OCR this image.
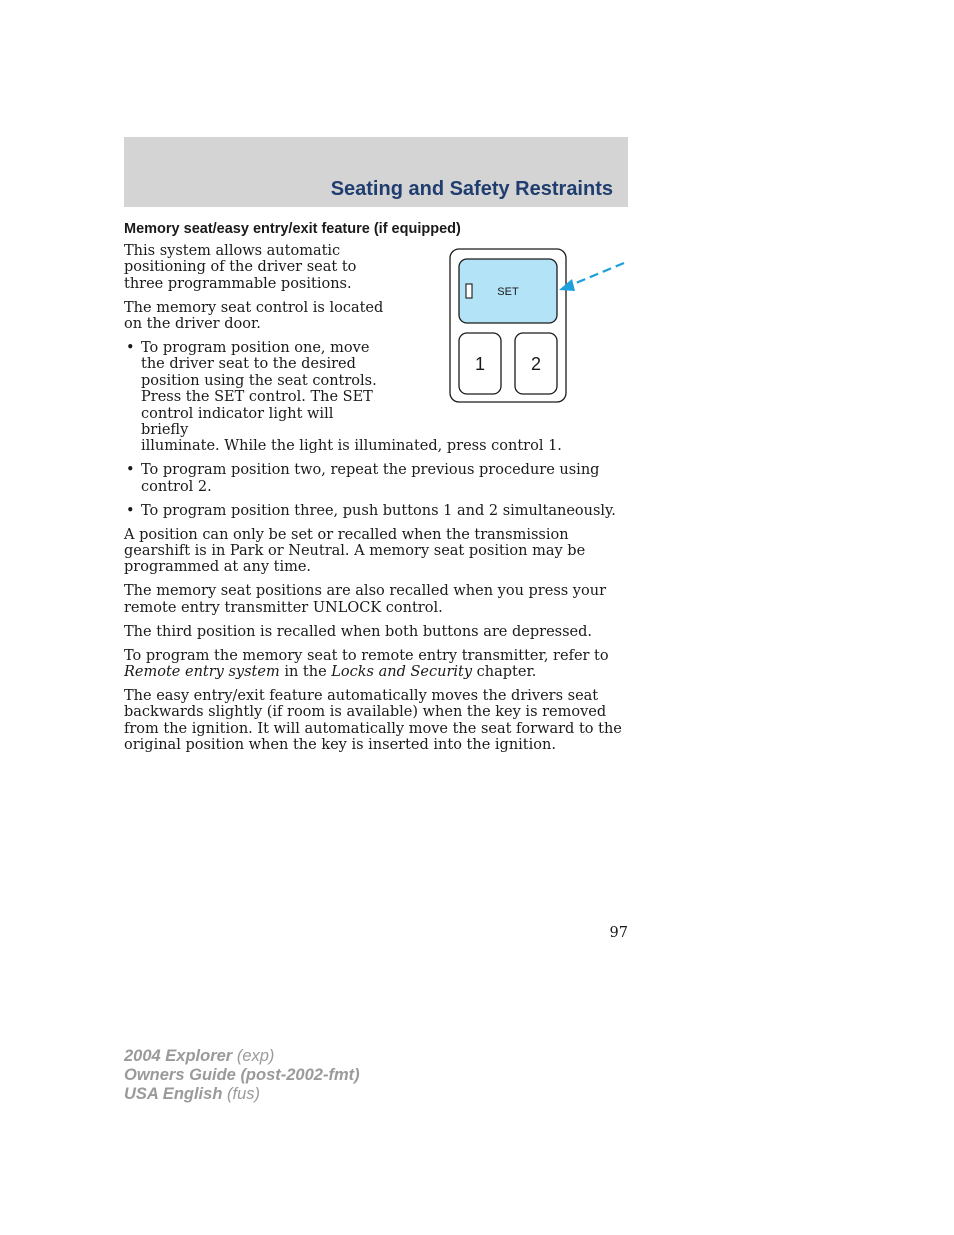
Seating and Safety Restraints
Memory seat/easy entry/exit feature (if equipped)
SET
1	2

This system allows automatic positioning of the driver seat to three programmable positions.

The memory seat control is located on the driver door.

• To program position one, move the driver seat to the desired position using the seat controls. Press the SET control. The SET control indicator light will briefly
illuminate. While the light is illuminated, press control 1.
• To program position two, repeat the previous procedure using control 2.
• To program position three, push buttons 1 and 2 simultaneously.

A position can only be set or recalled when the transmission gearshift is in Park or Neutral. A memory seat position may be programmed at any time.

The memory seat positions are also recalled when you press your remote entry transmitter UNLOCK control.

The third position is recalled when both buttons are depressed.

To program the memory seat to remote entry transmitter, refer to Remote entry system in the Locks and Security chapter.

The easy entry/exit feature automatically moves the drivers seat backwards slightly (if room is available) when the key is removed from the ignition. It will automatically move the seat forward to the original position when the key is inserted into the ignition.

97
2004 Explorer (exp)
Owners Guide (post-2002-fmt)
USA English (fus)
